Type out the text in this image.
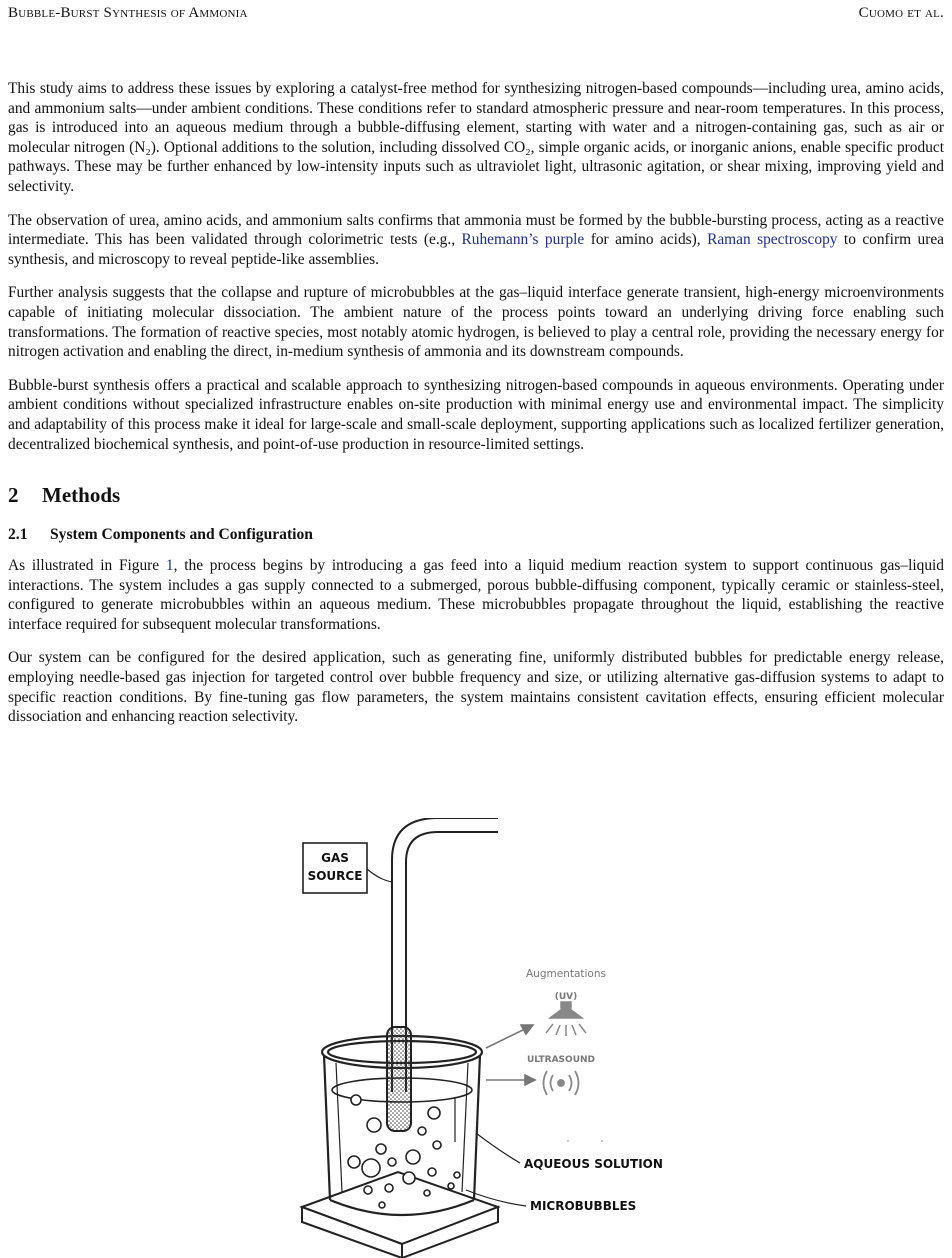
Bubble-Burst Synthesis of Ammonia	Cuomo et al.

This study aims to address these issues by exploring a catalyst-free method for synthesizing nitrogen-based compounds—including urea, amino acids, and ammonium salts—under ambient conditions. These conditions refer to standard atmospheric pressure and near-room temperatures. In this process, gas is introduced into an aqueous medium through a bubble-diffusing element, starting with water and a nitrogen-containing gas, such as air or molecular nitrogen (N₂). Optional additions to the solution, including dissolved CO₂, simple organic acids, or inorganic anions, enable specific product pathways. These may be further enhanced by low-intensity inputs such as ultraviolet light, ultrasonic agitation, or shear mixing, improving yield and selectivity.

The observation of urea, amino acids, and ammonium salts confirms that ammonia must be formed by the bubble-bursting process, acting as a reactive intermediate. This has been validated through colorimetric tests (e.g., Ruhemann’s purple for amino acids), Raman spectroscopy to confirm urea synthesis, and microscopy to reveal peptide-like assemblies.

Further analysis suggests that the collapse and rupture of microbubbles at the gas–liquid interface generate transient, high-energy microenvironments capable of initiating molecular dissociation. The ambient nature of the process points toward an underlying driving force enabling such transformations. The formation of reactive species, most notably atomic hydrogen, is believed to play a central role, providing the necessary energy for nitrogen activation and enabling the direct, in-medium synthesis of ammonia and its downstream compounds.

Bubble-burst synthesis offers a practical and scalable approach to synthesizing nitrogen-based compounds in aqueous environments. Operating under ambient conditions without specialized infrastructure enables on-site production with minimal energy use and environmental impact. The simplicity and adaptability of this process make it ideal for large-scale and small-scale deployment, supporting applications such as localized fertilizer generation, decentralized biochemical synthesis, and point-of-use production in resource-limited settings.

2 Methods
2.1 System Components and Configuration

As illustrated in Figure 1, the process begins by introducing a gas feed into a liquid medium reaction system to support continuous gas–liquid interactions. The system includes a gas supply connected to a submerged, porous bubble-diffusing component, typically ceramic or stainless-steel, configured to generate microbubbles within an aqueous medium. These microbubbles propagate throughout the liquid, establishing the reactive interface required for subsequent molecular transformations.

Our system can be configured for the desired application, such as generating fine, uniformly distributed bubbles for predictable energy release, employing needle-based gas injection for targeted control over bubble frequency and size, or utilizing alternative gas-diffusion systems to adapt to specific reaction conditions. By fine-tuning gas flow parameters, the system maintains consistent cavitation effects, ensuring efficient molecular dissociation and enhancing reaction selectivity.

GAS
SOURCE
Augmentations
(UV)
ULTRASOUND
AQUEOUS SOLUTION
MICROBUBBLES
